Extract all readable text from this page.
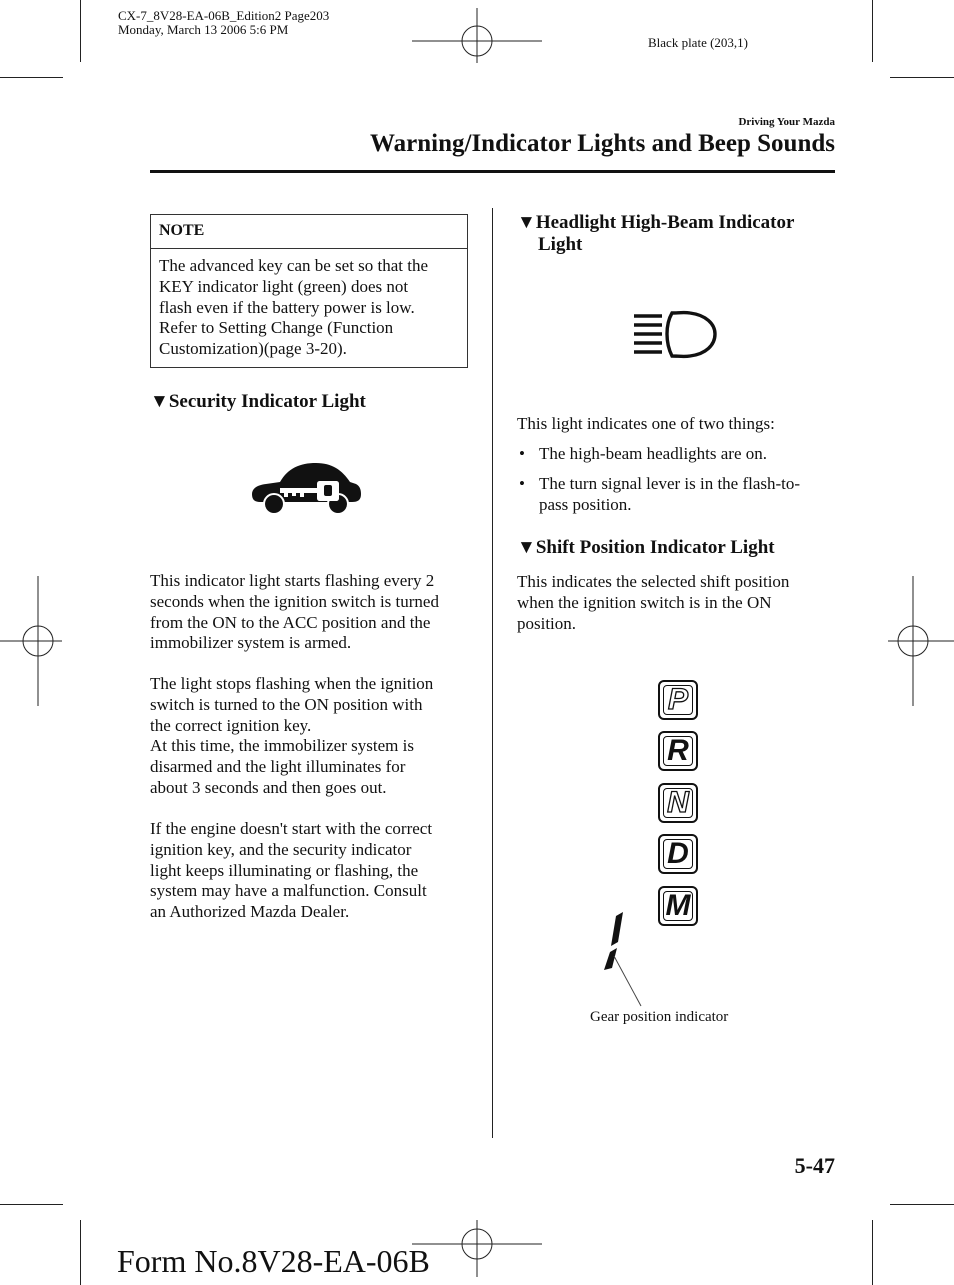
CX-7_8V28-EA-06B_Edition2 Page203
Monday, March 13 2006 5:6 PM
Black plate (203,1)
Driving Your Mazda
Warning/Indicator Lights and Beep Sounds
NOTE
The advanced key can be set so that the
KEY indicator light (green) does not
flash even if the battery power is low.
Refer to Setting Change (Function
Customization)(page 3-20).
▼Security Indicator Light
This indicator light starts flashing every 2
seconds when the ignition switch is turned
from the ON to the ACC position and the
immobilizer system is armed.
The light stops flashing when the ignition
switch is turned to the ON position with
the correct ignition key.
At this time, the immobilizer system is
disarmed and the light illuminates for
about 3 seconds and then goes out.
If the engine doesn't start with the correct
ignition key, and the security indicator
light keeps illuminating or flashing, the
system may have a malfunction. Consult
an Authorized Mazda Dealer.
▼Headlight High-Beam Indicator
Light
This light indicates one of two things:
• The high-beam headlights are on.
• The turn signal lever is in the flash-to-
pass position.
▼Shift Position Indicator Light
This indicates the selected shift position
when the ignition switch is in the ON
position.
P
R
N
D
M
Gear position indicator
5-47
Form No.8V28-EA-06B
